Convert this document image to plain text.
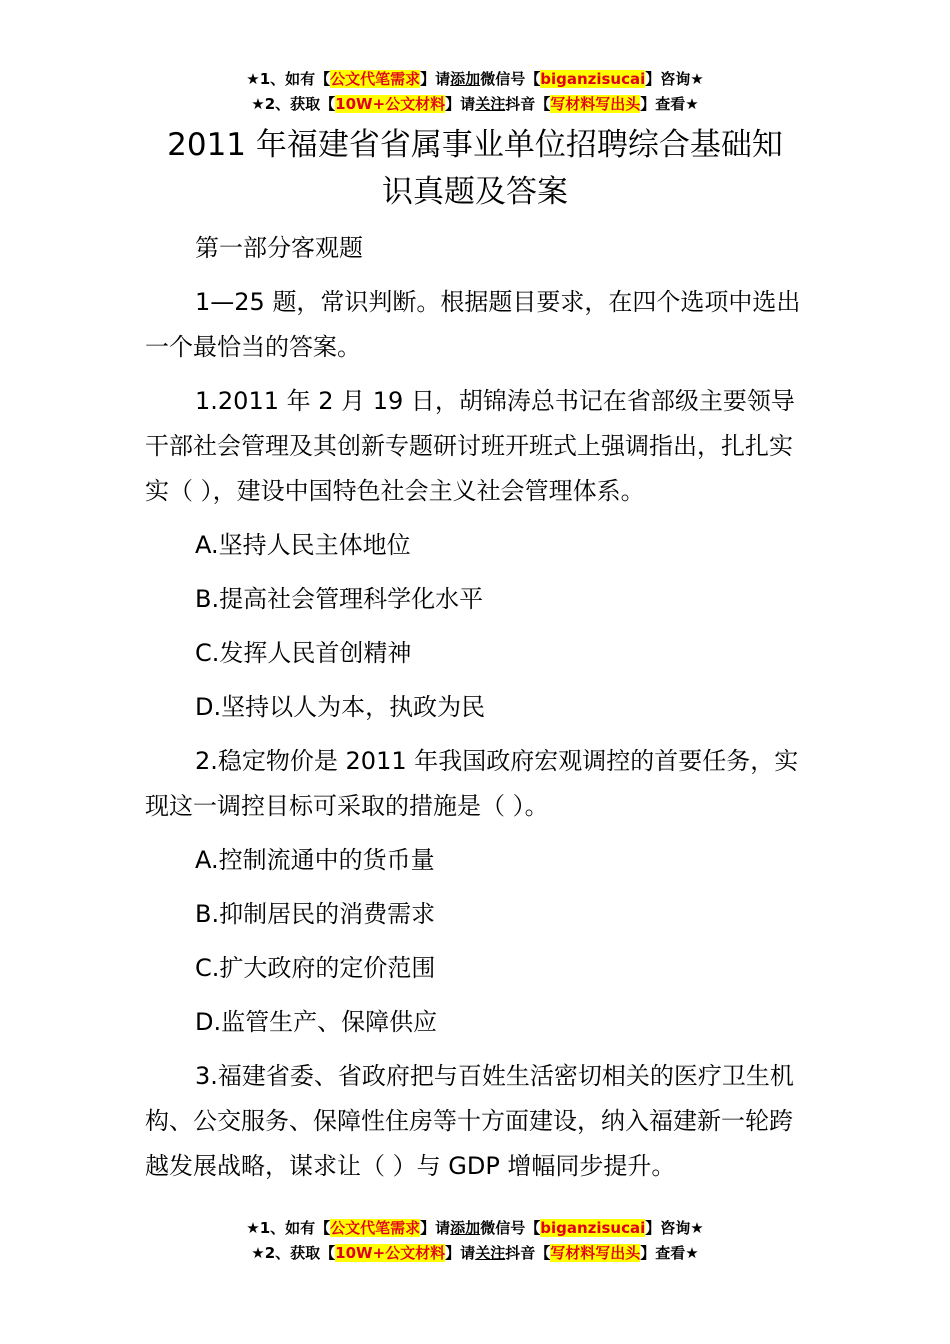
★1、如有【公文代笔需求】请添加微信号【biganzisucai】咨询★
★2、获取【10W+公文材料】请关注抖音【写材料写出头】查看★
2011 年福建省省属事业单位招聘综合基础知
识真题及答案

第一部分客观题

1—25 题，常识判断。根据题目要求，在四个选项中选出一个最恰当的答案。

1.2011 年 2 月 19 日，胡锦涛总书记在省部级主要领导干部社会管理及其创新专题研讨班开班式上强调指出，扎扎实实（ ），建设中国特色社会主义社会管理体系。

A.坚持人民主体地位

B.提高社会管理科学化水平

C.发挥人民首创精神

D.坚持以人为本，执政为民

2.稳定物价是 2011 年我国政府宏观调控的首要任务，实现这一调控目标可采取的措施是（ ）。

A.控制流通中的货币量

B.抑制居民的消费需求

C.扩大政府的定价范围

D.监管生产、保障供应

3.福建省委、省政府把与百姓生活密切相关的医疗卫生机构、公交服务、保障性住房等十方面建设，纳入福建新一轮跨越发展战略，谋求让（ ）与 GDP 增幅同步提升。

★1、如有【公文代笔需求】请添加微信号【biganzisucai】咨询★
★2、获取【10W+公文材料】请关注抖音【写材料写出头】查看★
